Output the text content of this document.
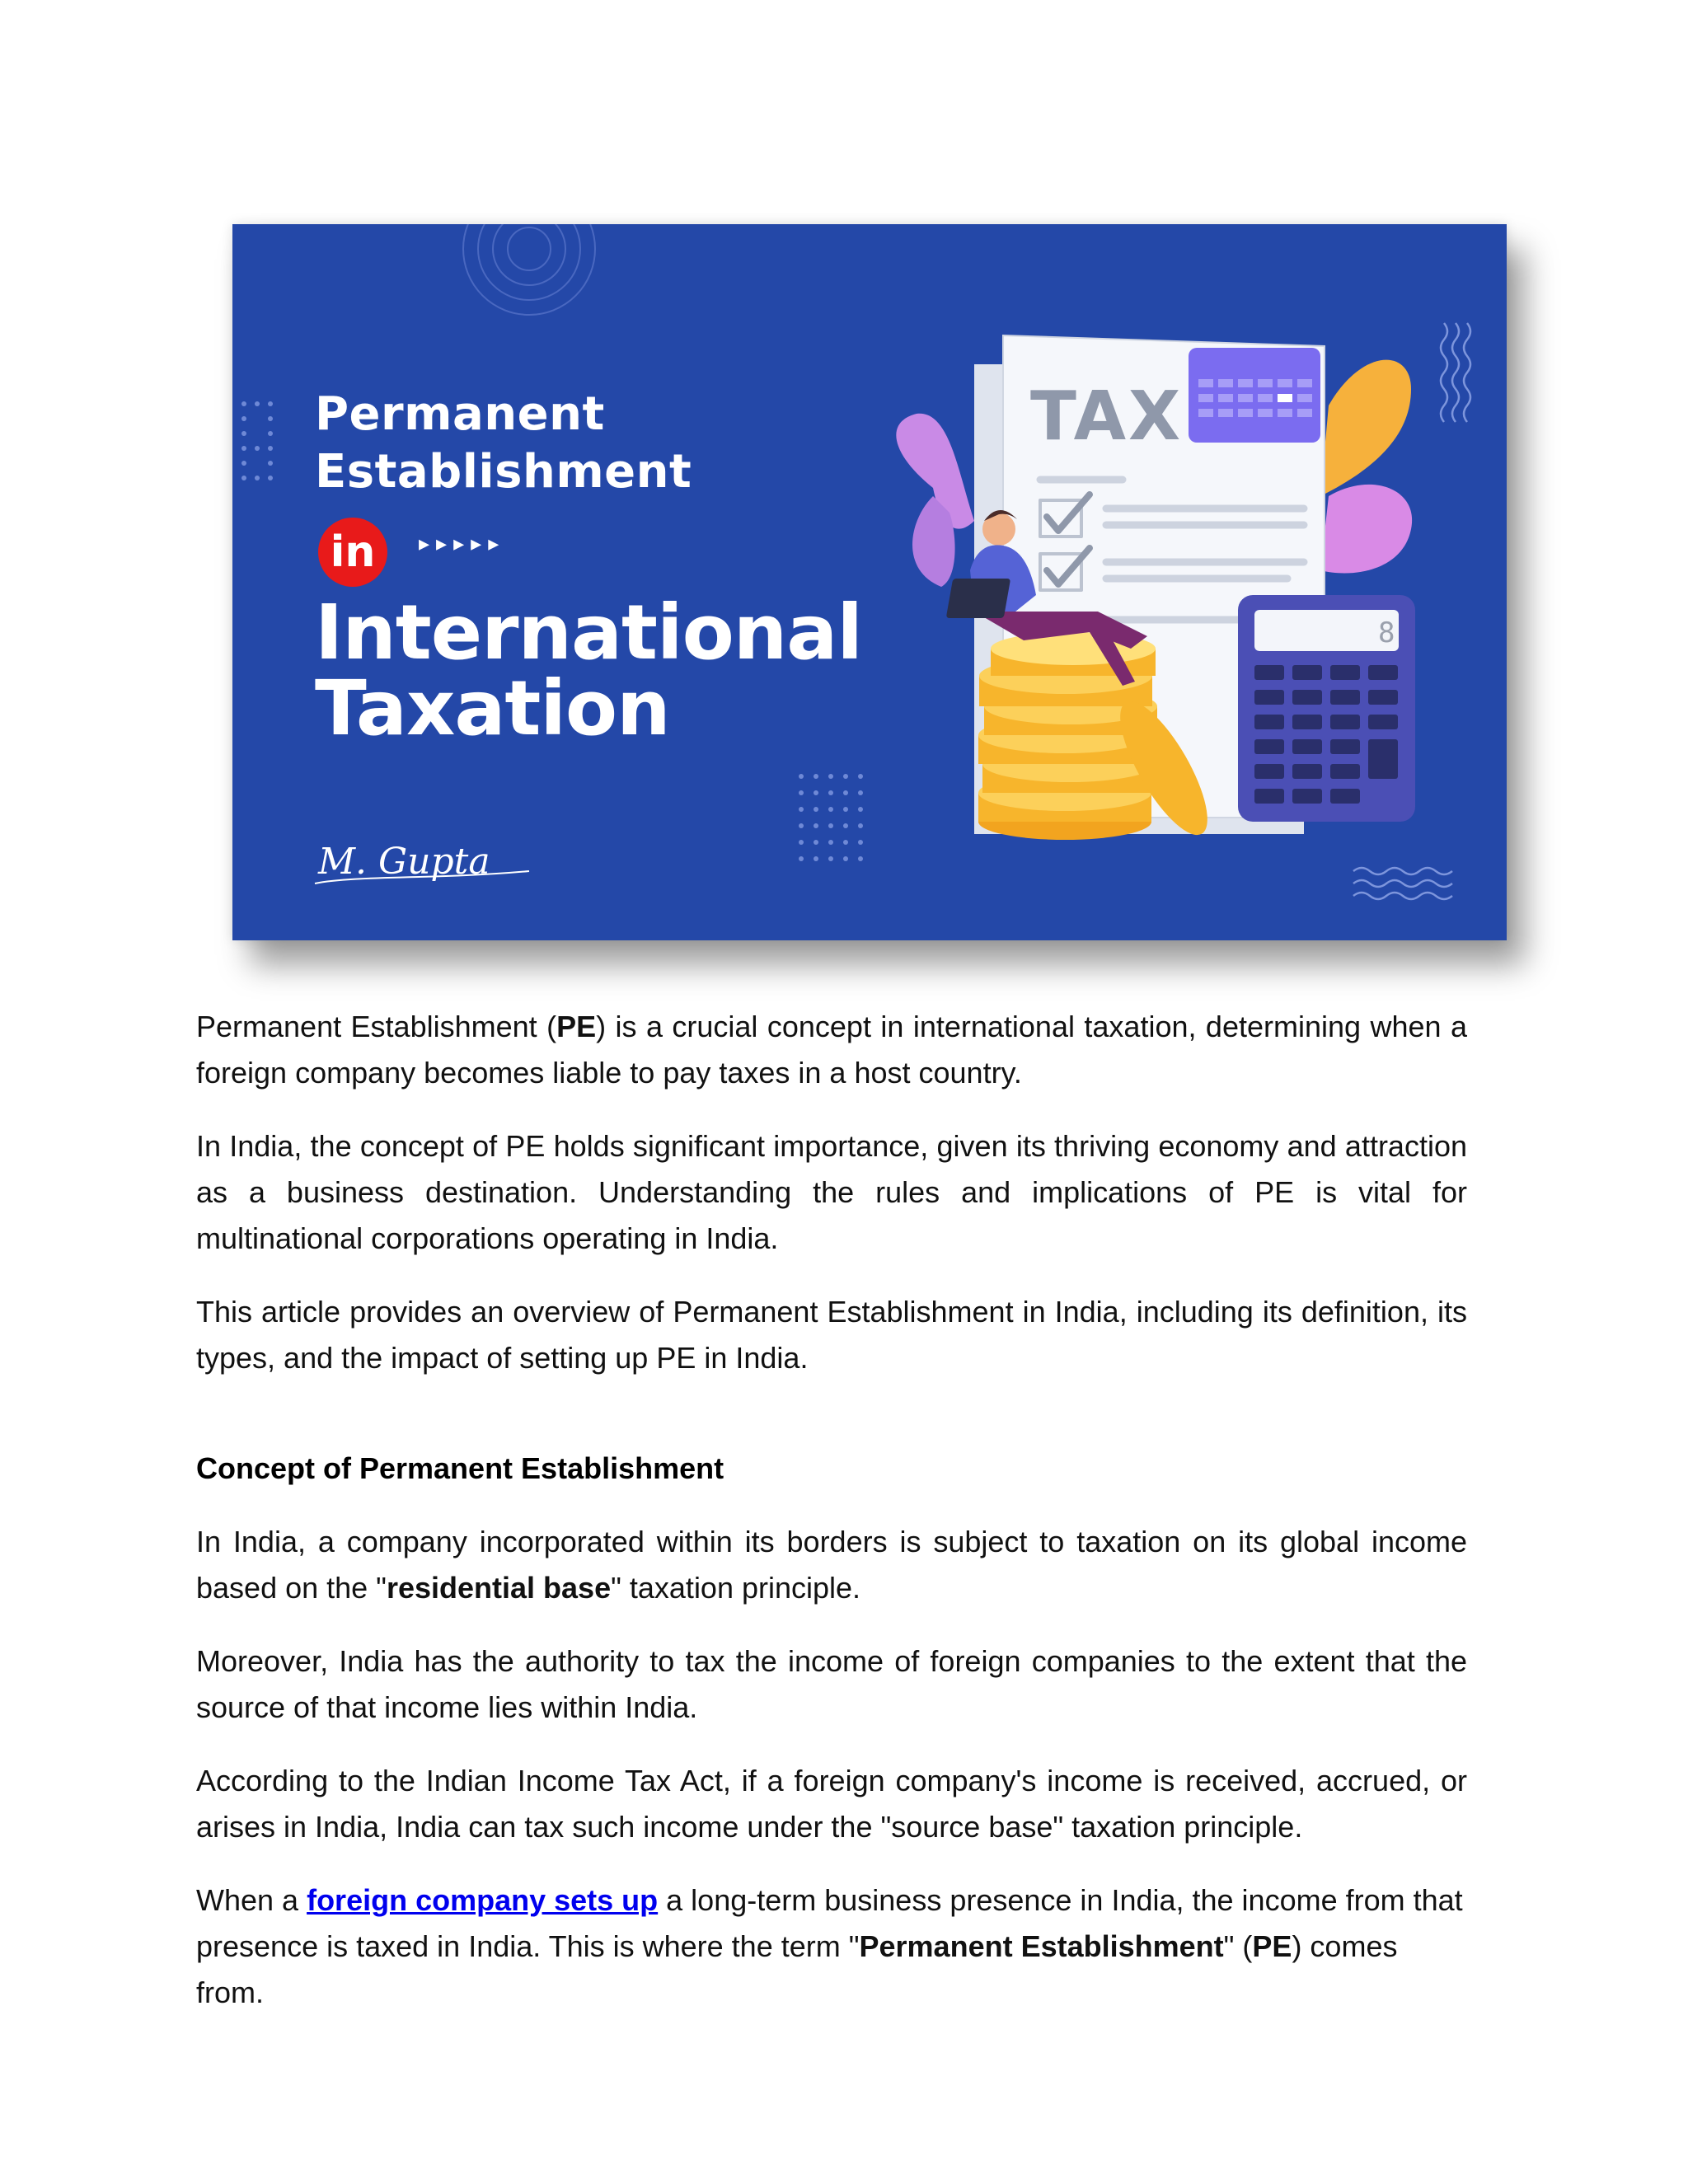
Permanent
Establishment
in	▸▸▸▸▸
International
Taxation
TAX
8
M. Gupta

Permanent Establishment (PE) is a crucial concept in international taxation, determining when a foreign company becomes liable to pay taxes in a host country.

In India, the concept of PE holds significant importance, given its thriving economy and attraction as a business destination. Understanding the rules and implications of PE is vital for multinational corporations operating in India.

This article provides an overview of Permanent Establishment in India, including its definition, its types, and the impact of setting up PE in India.

Concept of Permanent Establishment

In India, a company incorporated within its borders is subject to taxation on its global income based on the "residential base" taxation principle.

Moreover, India has the authority to tax the income of foreign companies to the extent that the source of that income lies within India.

According to the Indian Income Tax Act, if a foreign company's income is received, accrued, or arises in India, India can tax such income under the "source base" taxation principle.

When a foreign company sets up a long-term business presence in India, the income from that presence is taxed in India. This is where the term "Permanent Establishment" (PE) comes from.
